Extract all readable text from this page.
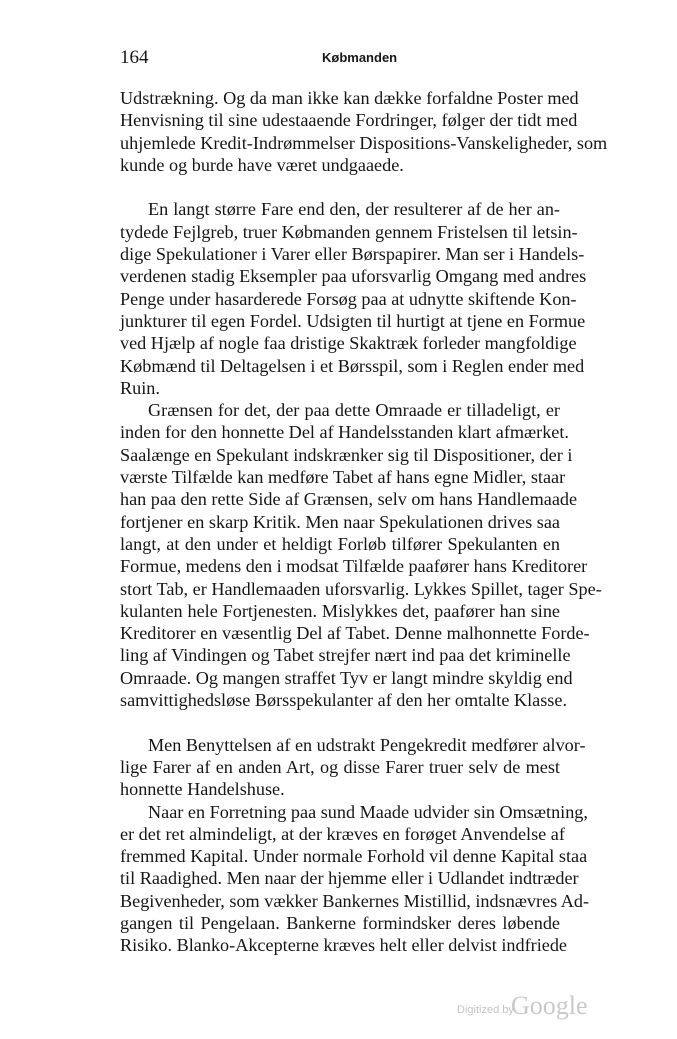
164	Købmanden
Udstrækning. Og da man ikke kan dække forfaldne Poster med
Henvisning til sine udestaaende Fordringer, følger der tidt med
uhjemlede Kredit-Indrømmelser Dispositions-Vanskeligheder, som
kunde og burde have været undgaaede.
En langt større Fare end den, der resulterer af de her an-
tydede Fejlgreb, truer Købmanden gennem Fristelsen til letsin-
dige Spekulationer i Varer eller Børspapirer. Man ser i Handels-
verdenen stadig Eksempler paa uforsvarlig Omgang med andres
Penge under hasarderede Forsøg paa at udnytte skiftende Kon-
junkturer til egen Fordel. Udsigten til hurtigt at tjene en Formue
ved Hjælp af nogle faa dristige Skaktræk forleder mangfoldige
Købmænd til Deltagelsen i et Børsspil, som i Reglen ender med
Ruin.
Grænsen for det, der paa dette Omraade er tilladeligt, er
inden for den honnette Del af Handelsstanden klart afmærket.
Saalænge en Spekulant indskrænker sig til Dispositioner, der i
værste Tilfælde kan medføre Tabet af hans egne Midler, staar
han paa den rette Side af Grænsen, selv om hans Handlemaade
fortjener en skarp Kritik. Men naar Spekulationen drives saa
langt, at den under et heldigt Forløb tilfører Spekulanten en
Formue, medens den i modsat Tilfælde paafører hans Kreditorer
stort Tab, er Handlemaaden uforsvarlig. Lykkes Spillet, tager Spe-
kulanten hele Fortjenesten. Mislykkes det, paafører han sine
Kreditorer en væsentlig Del af Tabet. Denne malhonnette Forde-
ling af Vindingen og Tabet strejfer nært ind paa det kriminelle
Omraade. Og mangen straffet Tyv er langt mindre skyldig end
samvittighedsløse Børsspekulanter af den her omtalte Klasse.
Men Benyttelsen af en udstrakt Pengekredit medfører alvor-
lige Farer af en anden Art, og disse Farer truer selv de mest
honnette Handelshuse.
Naar en Forretning paa sund Maade udvider sin Omsætning,
er det ret almindeligt, at der kræves en forøget Anvendelse af
fremmed Kapital. Under normale Forhold vil denne Kapital staa
til Raadighed. Men naar der hjemme eller i Udlandet indtræder
Begivenheder, som vækker Bankernes Mistillid, indsnævres Ad-
gangen til Pengelaan. Bankerne formindsker deres løbende
Risiko. Blanko-Akcepterne kræves helt eller delvist indfriede
Digitized by
Google
